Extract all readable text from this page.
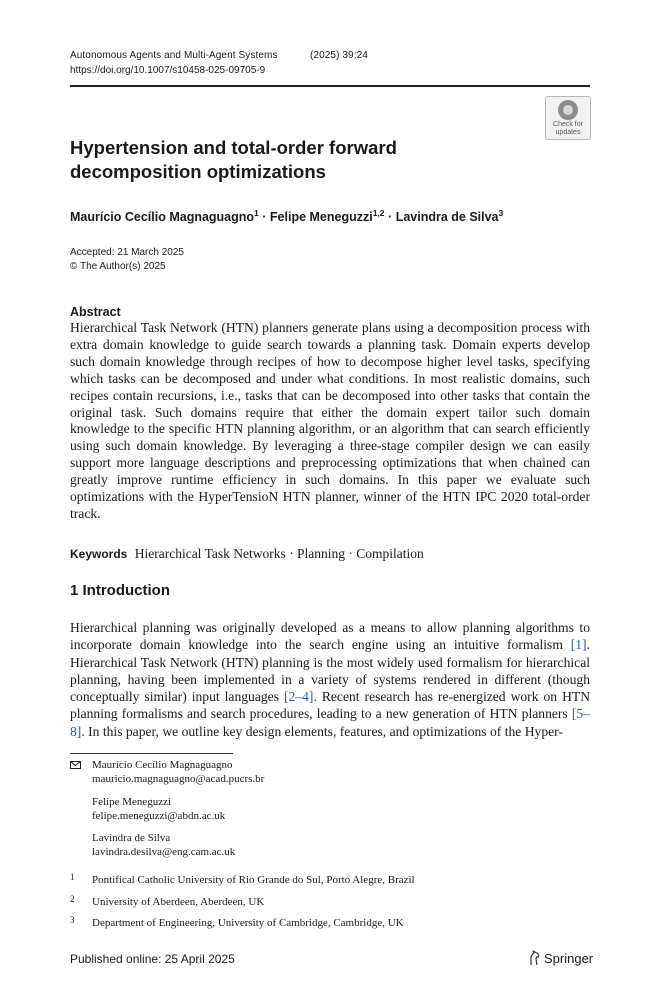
Autonomous Agents and Multi-Agent Systems	(2025) 39:24
https://doi.org/10.1007/s10458-025-09705-9
Check for
updates
Hypertension and total-order forward decomposition optimizations
Maurício Cecílio Magnaguagno$^1$ · Felipe Meneguzzi$^{1,2}$ · Lavindra de Silva$^3$
Accepted: 21 March 2025
© The Author(s) 2025
Abstract
Hierarchical Task Network (HTN) planners generate plans using a decomposition process with extra domain knowledge to guide search towards a planning task. Domain experts develop such domain knowledge through recipes of how to decompose higher level tasks, specifying which tasks can be decomposed and under what conditions. In most realistic domains, such recipes contain recursions, i.e., tasks that can be decomposed into other tasks that contain the original task. Such domains require that either the domain expert tailor such domain knowledge to the specific HTN planning algorithm, or an algorithm that can search efficiently using such domain knowledge. By leveraging a three-stage compiler design we can easily support more language descriptions and preprocessing optimizations that when chained can greatly improve runtime efficiency in such domains. In this paper we evaluate such optimizations with the HyperTensioN HTN planner, winner of the HTN IPC 2020 total-order track.
Keywords Hierarchical Task Networks · Planning · Compilation
1 Introduction
Hierarchical planning was originally developed as a means to allow planning algorithms to incorporate domain knowledge into the search engine using an intuitive formalism [1]. Hierarchical Task Network (HTN) planning is the most widely used formalism for hierarchical planning, having been implemented in a variety of systems rendered in different (though conceptually similar) input languages [2–4]. Recent research has re-energized work on HTN planning formalisms and search procedures, leading to a new generation of HTN planners [5–8]. In this paper, we outline key design elements, features, and optimizations of the Hyper-
Maurício Cecílio Magnaguagno
mauricio.magnaguagno@acad.pucrs.br
Felipe Meneguzzi
felipe.meneguzzi@abdn.ac.uk
Lavindra de Silva
lavindra.desilva@eng.cam.ac.uk
1 Pontifical Catholic University of Rio Grande do Sul, Porto Alegre, Brazil
2 University of Aberdeen, Aberdeen, UK
3 Department of Engineering, University of Cambridge, Cambridge, UK
Published online: 25 April 2025	Springer
